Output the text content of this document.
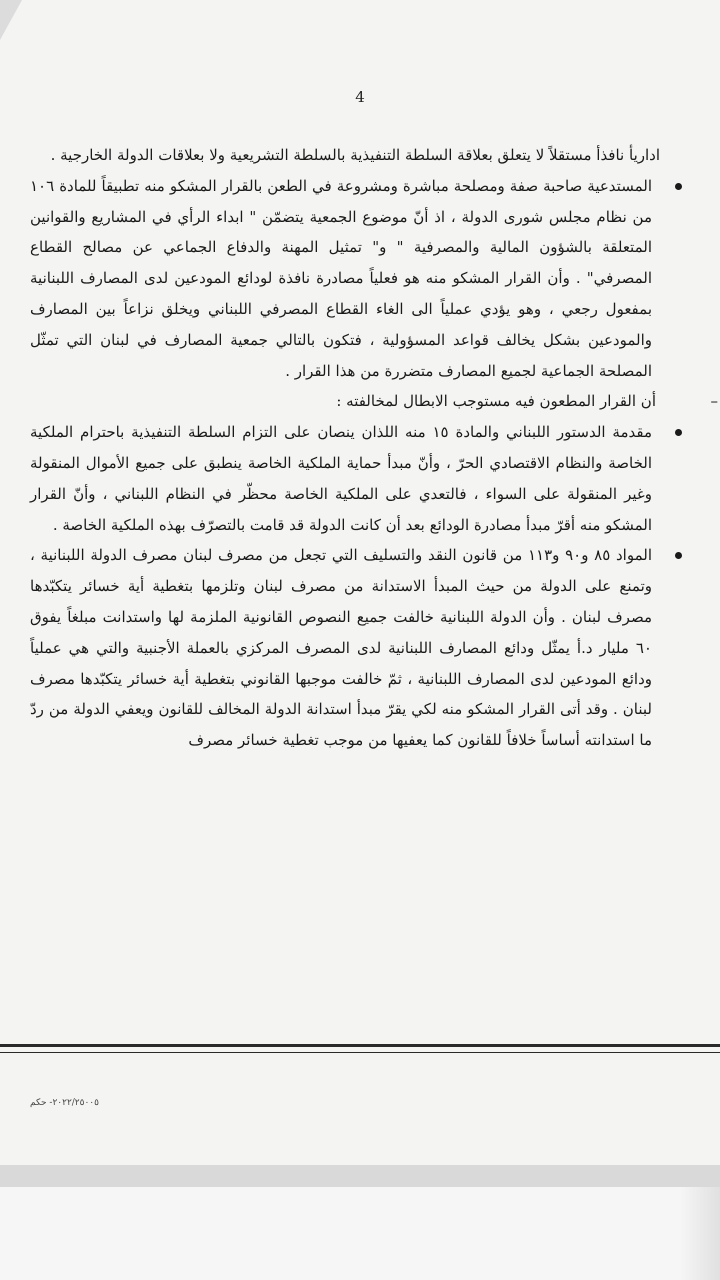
4

اداريأ نافذأ مستقلاً لا يتعلق بعلاقة السلطة التنفيذية بالسلطة التشريعية ولا بعلاقات الدولة الخارجية .

المستدعية صاحبة صفة ومصلحة مباشرة ومشروعة في الطعن بالقرار المشكو منه تطبيقاً للمادة ١٠٦ من نظام مجلس شورى الدولة ، اذ أنّ موضوع الجمعية يتضمّن " ابداء الرأي في المشاريع والقوانين المتعلقة بالشؤون المالية والمصرفية " و" تمثيل المهنة والدفاع الجماعي عن مصالح القطاع المصرفي" . وأن القرار المشكو منه هو فعلياً مصادرة نافذة لودائع المودعين لدى المصارف اللبنانية بمفعول رجعي ، وهو يؤدي عملياً الى الغاء القطاع المصرفي اللبناني ويخلق نزاعاً بين المصارف والمودعين بشكل يخالف قواعد المسؤولية ، فتكون بالتالي جمعية المصارف في لبنان التي تمثّل المصلحة الجماعية لجميع المصارف متضررة من هذا القرار .

–

أن القرار المطعون فيه مستوجب الابطال لمخالفته :

مقدمة الدستور اللبناني والمادة ١٥ منه اللذان ينصان على التزام السلطة التنفيذية باحترام الملكية الخاصة والنظام الاقتصادي الحرّ ، وأنّ مبدأ حماية الملكية الخاصة ينطبق على جميع الأموال المنقولة وغير المنقولة على السواء ، فالتعدي على الملكية الخاصة محظّر في النظام اللبناني ، وأنّ القرار المشكو منه أقرّ مبدأ مصادرة الودائع بعد أن كانت الدولة قد قامت بالتصرّف بهذه الملكية الخاصة .

المواد ٨٥ و٩٠ و١١٣ من قانون النقد والتسليف التي تجعل من مصرف لبنان مصرف الدولة اللبنانية ، وتمنع على الدولة من حيث المبدأ الاستدانة من مصرف لبنان وتلزمها بتغطية أية خسائر يتكبّدها مصرف لبنان . وأن الدولة اللبنانية خالفت جميع النصوص القانونية الملزمة لها واستدانت مبلغاً يفوق ٦٠ مليار د.أ يمثّل ودائع المصارف اللبنانية لدى المصرف المركزي بالعملة الأجنبية والتي هي عملياً ودائع المودعين لدى المصارف اللبنانية ، ثمّ خالفت موجبها القانوني بتغطية أية خسائر يتكبّدها مصرف لبنان . وقد أتى القرار المشكو منه لكي يقرّ مبدأ استدانة الدولة المخالف للقانون ويعفي الدولة من ردّ ما استدانته أساساً خلافاً للقانون كما يعفيها من موجب تغطية خسائر مصرف

٢٠٢٢/٢٥٠٠٥- حكم
